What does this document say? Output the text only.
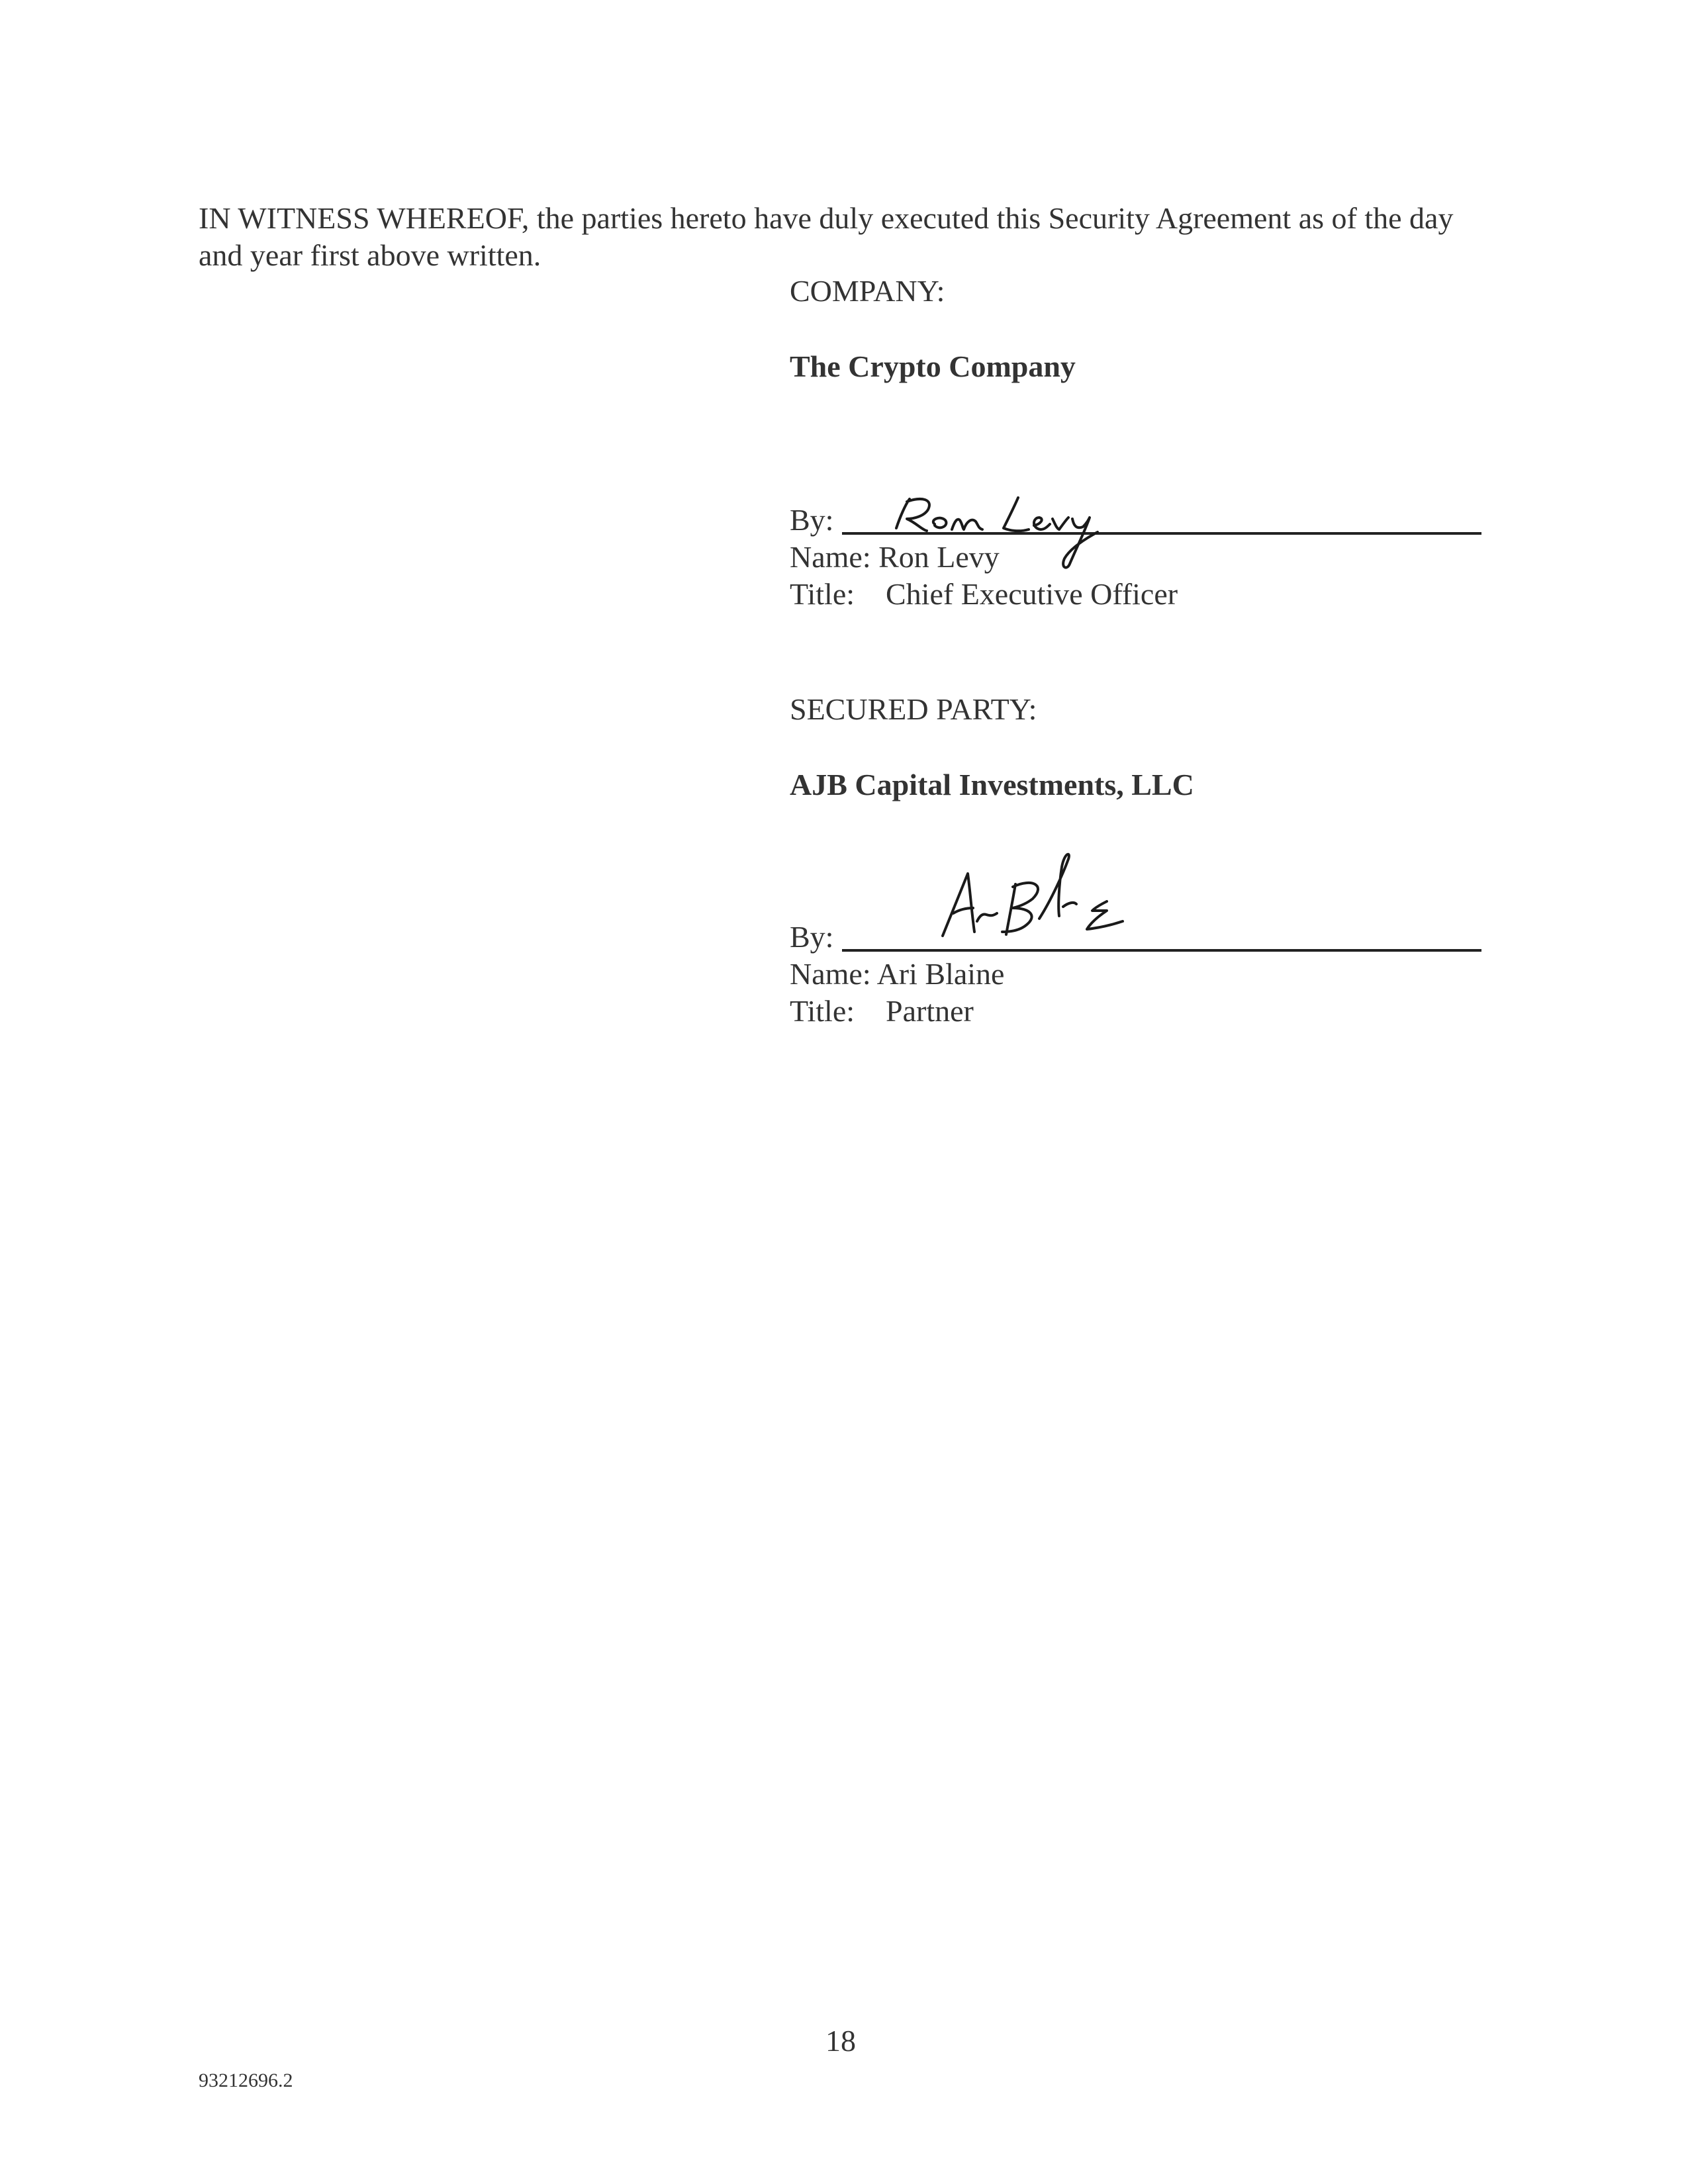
IN WITNESS WHEREOF, the parties hereto have duly executed this Security Agreement as of the day and year first above written.
COMPANY:
The Crypto Company
By:
Name: Ron Levy
Title: Chief Executive Officer
SECURED PARTY:
AJB Capital Investments, LLC
By:
Name: Ari Blaine
Title: Partner
18
93212696.2
